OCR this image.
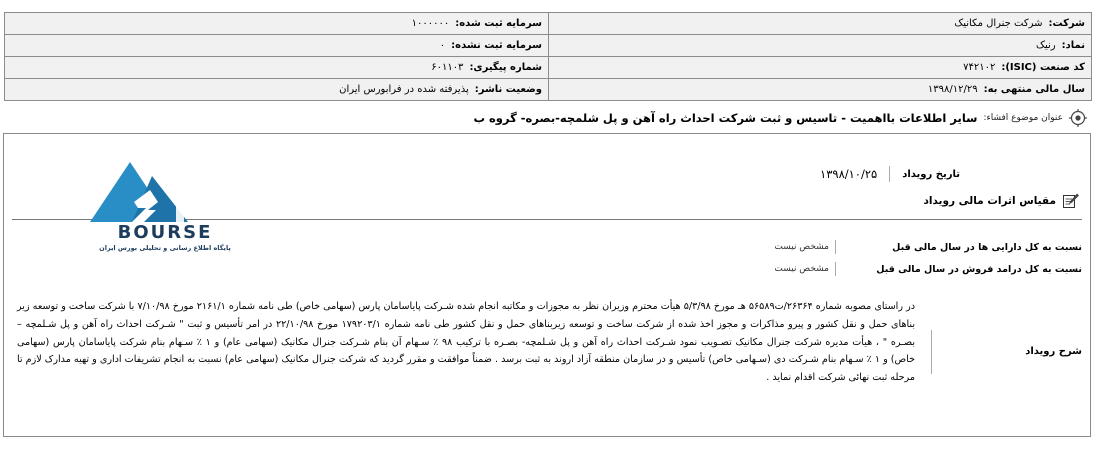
شرکت:شرکت جنرال مکانیک	سرمایه ثبت شده:۱۰۰۰۰۰۰
نماد:رنیک	سرمایه ثبت نشده:۰
کد صنعت (ISIC):۷۴۲۱۰۲	شماره پیگیری:۶۰۱۱۰۳
سال مالی منتهی به:۱۳۹۸/۱۲/۲۹	وضعیت ناشر:پذیرفته شده در فرابورس ایران
عنوان موضوع افشاء:
سایر اطلاعات بااهمیت - تاسیس و ثبت شرکت احداث راه آهن و پل شلمچه-بصره- گروه ب
BOURSE
پایگاه اطلاع رسانی و تحلیلی بورس ایران
تاریخ رویداد
۱۳۹۸/۱۰/۲۵
مقیاس اثرات مالی رویداد
نسبت به کل دارایی ها در سال مالی قبل
مشخص نیست
نسبت به کل درامد فروش در سال مالی قبل
مشخص نیست
شرح رویداد
در راستای مصوبه شماره ۲۶۳۶۴/ت۵۶۵۸۹ هـ مورخ ۵/۳/۹۸ هیأت محترم وزیران نظر به مجوزات و مکاتبه انجام شده شـرکت پایاسامان پارس (سهامی خاص) طی نامه شماره ۲۱۶۱/۱ مورخ ۷/۱۰/۹۸ با شرکت ساخت و توسعه زیر بناهای حمل و نقل کشور و پیرو مذاکرات و مجوز اخذ شده از شرکت ساخت و توسعه زیربناهای حمل و نقل کشور طی نامه شماره ۱۷۹۲۰۳/۱ مورخ ۲۲/۱۰/۹۸ در امر تأسیس و ثبت " شـرکت احداث راه آهن و پل شـلمچه – بصـره " ، هیأت مدیره شرکت جنرال مکانیک تصـویب نمود شـرکت احداث راه آهن و پل شـلمچه- بصـره با ترکیب ۹۸ ٪ سـهام آن بنام شـرکت جنرال مکانیک (سهامی عام) و ۱ ٪ سـهام بنام شرکت پایاسامان پارس (سهامی خاص) و ۱ ٪ سـهام بنام شـرکت دی (سـهامی خاص) تأسیس و در سازمان منطقه آزاد اروند به ثبت برسد . ضمناً موافقت و مقرر گردید که شرکت جنرال مکانیک (سهامی عام) نسبت به انجام تشریفات اداری و تهیه مدارک لازم تا مرحله ثبت نهائی شرکت اقدام نماید .
